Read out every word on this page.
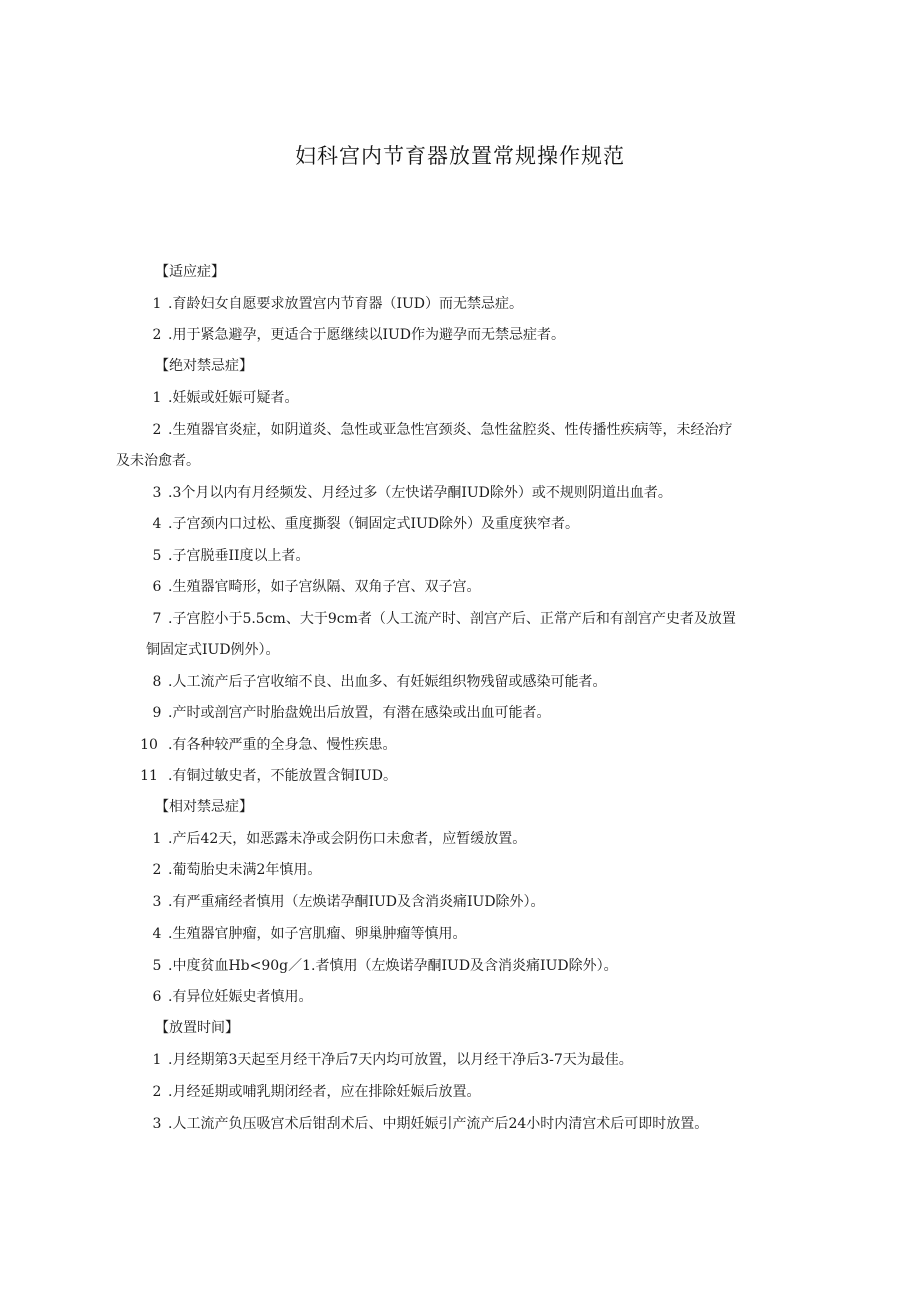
妇科宫内节育器放置常规操作规范
【适应症】
1 .育龄妇女自愿要求放置宫内节育器（IUD）而无禁忌症。
2 .用于紧急避孕，更适合于愿继续以IUD作为避孕而无禁忌症者。
【绝对禁忌症】
1 .妊娠或妊娠可疑者。
2 .生殖器官炎症，如阴道炎、急性或亚急性宫颈炎、急性盆腔炎、性传播性疾病等，未经治疗
及未治愈者。
3 .3个月以内有月经频发、月经过多（左快诺孕酮IUD除外）或不规则阴道出血者。
4 .子宫颈内口过松、重度撕裂（铜固定式IUD除外）及重度狭窄者。
5 .子宫脱垂II度以上者。
6 .生殖器官畸形，如子宫纵隔、双角子宫、双子宫。
7 .子宫腔小于5.5cm、大于9cm者（人工流产时、剖宫产后、正常产后和有剖宫产史者及放置
铜固定式IUD例外）。
8 .人工流产后子宫收缩不良、出血多、有妊娠组织物残留或感染可能者。
9 .产时或剖宫产时胎盘娩出后放置，有潜在感染或出血可能者。
10 .有各种较严重的全身急、慢性疾患。
11 .有铜过敏史者，不能放置含铜IUD。
【相对禁忌症】
1 .产后42天，如恶露未净或会阴伤口未愈者，应暂缓放置。
2 .葡萄胎史未满2年慎用。
3 .有严重痛经者慎用（左焕诺孕酮IUD及含消炎痛IUD除外）。
4 .生殖器官肿瘤，如子宫肌瘤、卵巢肿瘤等慎用。
5 .中度贫血Hb<90g／1.者慎用（左焕诺孕酮IUD及含消炎痛IUD除外）。
6 .有异位妊娠史者慎用。
【放置时间】
1 .月经期第3天起至月经干净后7天内均可放置，以月经干净后3-7天为最佳。
2 .月经延期或哺乳期闭经者，应在排除妊娠后放置。
3 .人工流产负压吸宫术后钳刮术后、中期妊娠引产流产后24小时内清宫术后可即时放置。
